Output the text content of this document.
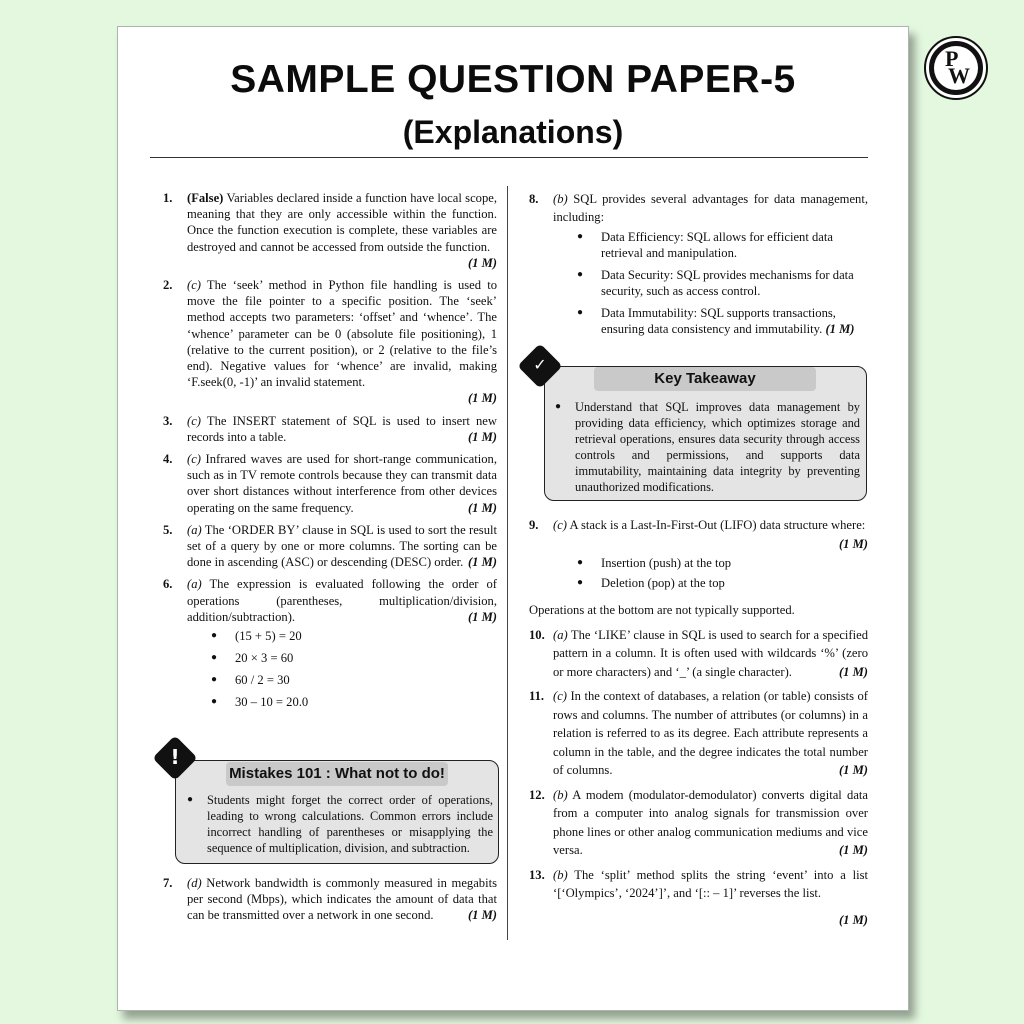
P
W
SAMPLE QUESTION PAPER-5
(Explanations)
1.	(False) Variables declared inside a function have local scope, meaning that they are only accessible within the function. Once the function execution is complete, these variables are destroyed and cannot be accessed from outside the function.
(1 M)
2.	(c) The ‘seek’ method in Python file handling is used to move the file pointer to a specific position. The ‘seek’ method accepts two parameters: ‘offset’ and ‘whence’. The ‘whence’ parameter can be 0 (absolute file positioning), 1 (relative to the current position), or 2 (relative to the file’s end). Negative values for ‘whence’ are invalid, making ‘F.seek(0, -1)’ an invalid statement.
(1 M)
3.	(c) The INSERT statement of SQL is used to insert new records into a table.	(1 M)
4.	(c) Infrared waves are used for short-range communication, such as in TV remote controls because they can transmit data over short distances without interference from other devices operating on the same frequency.	(1 M)
5.	(a) The ‘ORDER BY’ clause in SQL is used to sort the result set of a query by one or more columns. The sorting can be done in ascending (ASC) or descending (DESC) order. (1 M)
6.	(a) The expression is evaluated following the order of operations (parentheses, multiplication/division, addition/subtraction).	(1 M)
● (15 + 5) = 20
● 20 × 3 = 60
● 60 / 2 = 30
● 30 – 10 = 20.0
!
Mistakes 101 : What not to do!
● Students might forget the correct order of operations, leading to wrong calculations. Common errors include incorrect handling of parentheses or misapplying the sequence of multiplication, division, and subtraction.
7.	(d) Network bandwidth is commonly measured in megabits per second (Mbps), which indicates the amount of data that can be transmitted over a network in one second.	(1 M)
8.	(b) SQL provides several advantages for data management, including:
● Data Efficiency: SQL allows for efficient data retrieval and manipulation.
● Data Security: SQL provides mechanisms for data security, such as access control.
● Data Immutability: SQL supports transactions, ensuring data consistency and immutability. (1 M)
✓
Key Takeaway
● Understand that SQL improves data management by providing data efficiency, which optimizes storage and retrieval operations, ensures data security through access controls and permissions, and supports data immutability, maintaining data integrity by preventing unauthorized modifications.
9.	(c) A stack is a Last-In-First-Out (LIFO) data structure where:
(1 M)
● Insertion (push) at the top
● Deletion (pop) at the top
Operations at the bottom are not typically supported.
10. (a) The ‘LIKE’ clause in SQL is used to search for a specified pattern in a column. It is often used with wildcards ‘%’ (zero or more characters) and ‘_’ (a single character).	(1 M)
11. (c) In the context of databases, a relation (or table) consists of rows and columns. The number of attributes (or columns) in a relation is referred to as its degree. Each attribute represents a column in the table, and the degree indicates the total number of columns.	(1 M)
12. (b) A modem (modulator-demodulator) converts digital data from a computer into analog signals for transmission over phone lines or other analog communication mediums and vice versa.	(1 M)
13. (b) The ‘split’ method splits the string ‘event’ into a list ‘[‘Olympics’, ‘2024’]’, and ‘[:: – 1]’ reverses the list.
(1 M)
